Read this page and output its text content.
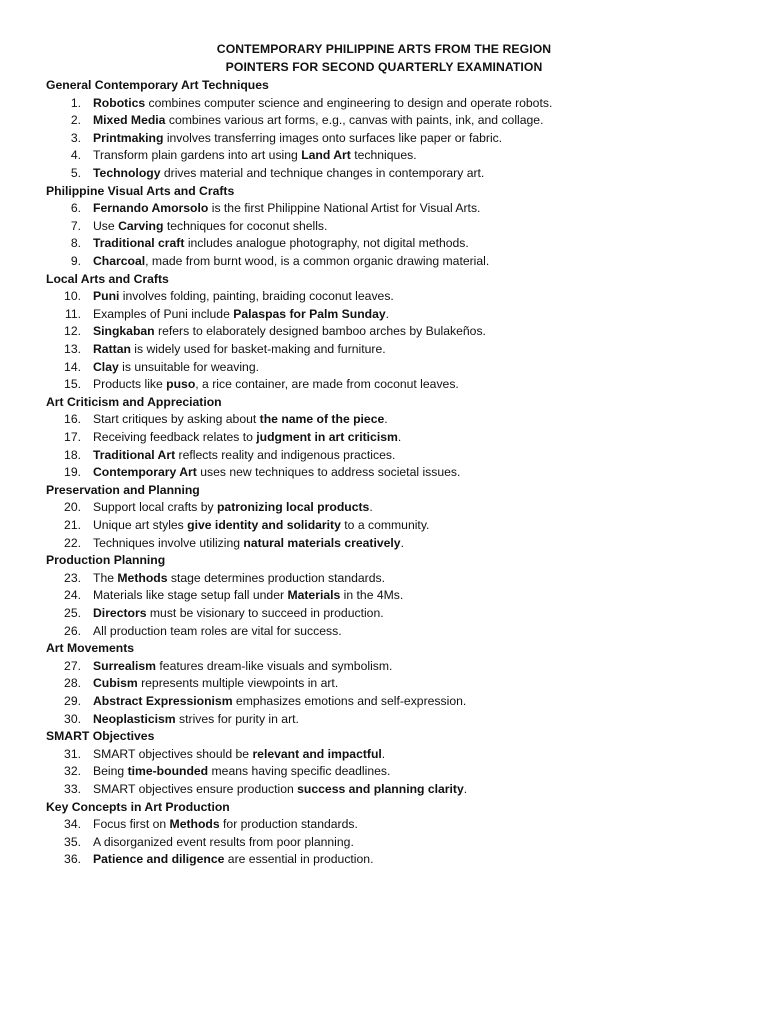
CONTEMPORARY PHILIPPINE ARTS FROM THE REGION
POINTERS FOR SECOND QUARTERLY EXAMINATION
General Contemporary Art Techniques
1. Robotics combines computer science and engineering to design and operate robots.
2. Mixed Media combines various art forms, e.g., canvas with paints, ink, and collage.
3. Printmaking involves transferring images onto surfaces like paper or fabric.
4. Transform plain gardens into art using Land Art techniques.
5. Technology drives material and technique changes in contemporary art.
Philippine Visual Arts and Crafts
6. Fernando Amorsolo is the first Philippine National Artist for Visual Arts.
7. Use Carving techniques for coconut shells.
8. Traditional craft includes analogue photography, not digital methods.
9. Charcoal, made from burnt wood, is a common organic drawing material.
Local Arts and Crafts
10. Puni involves folding, painting, braiding coconut leaves.
11. Examples of Puni include Palaspas for Palm Sunday.
12. Singkaban refers to elaborately designed bamboo arches by Bulakeños.
13. Rattan is widely used for basket-making and furniture.
14. Clay is unsuitable for weaving.
15. Products like puso, a rice container, are made from coconut leaves.
Art Criticism and Appreciation
16. Start critiques by asking about the name of the piece.
17. Receiving feedback relates to judgment in art criticism.
18. Traditional Art reflects reality and indigenous practices.
19. Contemporary Art uses new techniques to address societal issues.
Preservation and Planning
20. Support local crafts by patronizing local products.
21. Unique art styles give identity and solidarity to a community.
22. Techniques involve utilizing natural materials creatively.
Production Planning
23. The Methods stage determines production standards.
24. Materials like stage setup fall under Materials in the 4Ms.
25. Directors must be visionary to succeed in production.
26. All production team roles are vital for success.
Art Movements
27. Surrealism features dream-like visuals and symbolism.
28. Cubism represents multiple viewpoints in art.
29. Abstract Expressionism emphasizes emotions and self-expression.
30. Neoplasticism strives for purity in art.
SMART Objectives
31. SMART objectives should be relevant and impactful.
32. Being time-bounded means having specific deadlines.
33. SMART objectives ensure production success and planning clarity.
Key Concepts in Art Production
34. Focus first on Methods for production standards.
35. A disorganized event results from poor planning.
36. Patience and diligence are essential in production.
